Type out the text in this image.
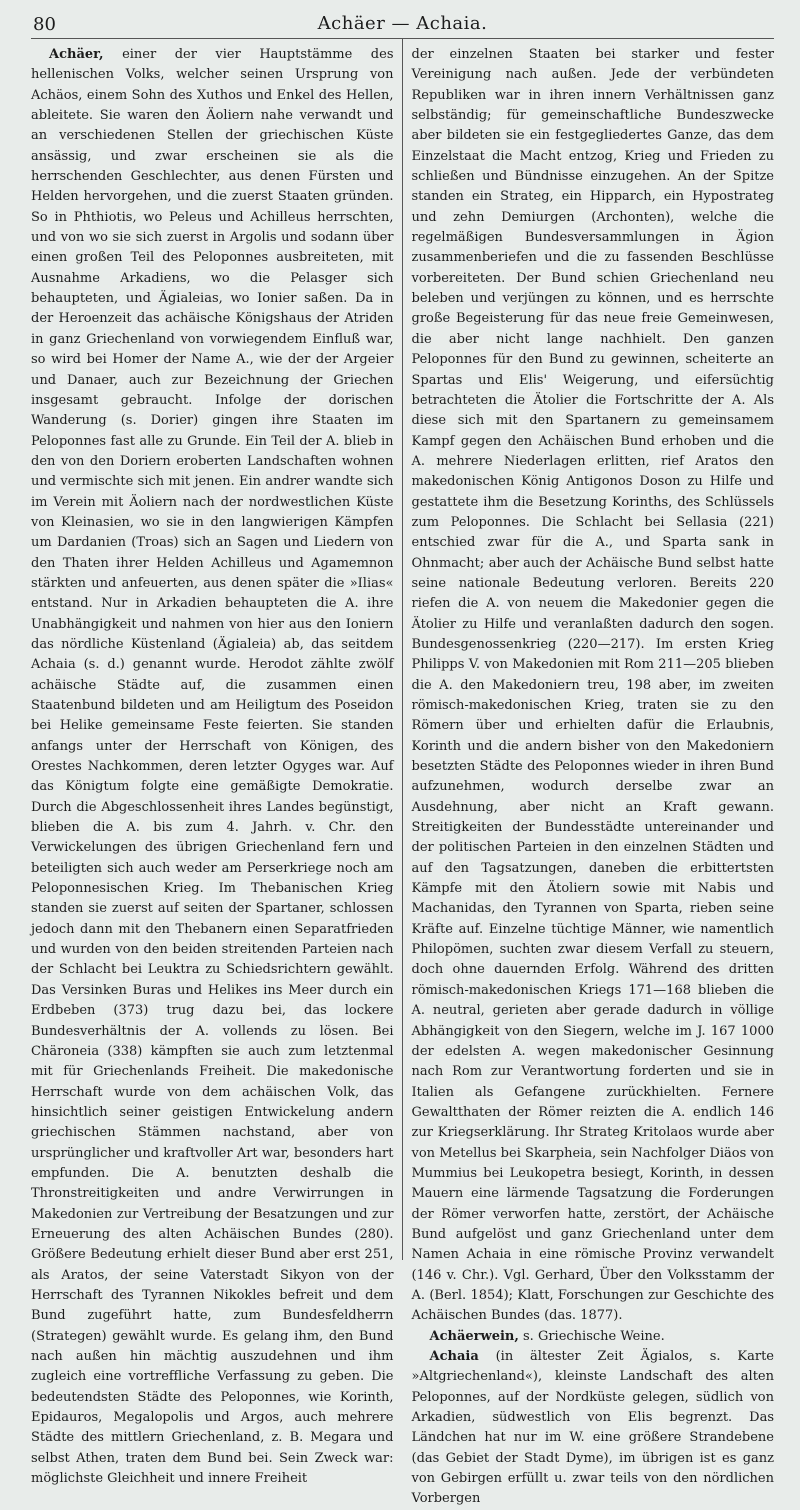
80	Achäer — Achaia.

Achäer, einer der vier Hauptstämme des hellenischen Volks, welcher seinen Ursprung von Achäos, einem Sohn des Xuthos und Enkel des Hellen, ableitete. Sie waren den Äoliern nahe verwandt und an verschiedenen Stellen der griechischen Küste ansässig, und zwar erscheinen sie als die herrschenden Geschlechter, aus denen Fürsten und Helden hervorgehen, und die zuerst Staaten gründen. So in Phthiotis, wo Peleus und Achilleus herrschten, und von wo sie sich zuerst in Argolis und sodann über einen großen Teil des Peloponnes ausbreiteten, mit Ausnahme Arkadiens, wo die Pelasger sich behaupteten, und Ägialeias, wo Ionier saßen. Da in der Heroenzeit das achäische Königshaus der Atriden in ganz Griechenland von vorwiegendem Einfluß war, so wird bei Homer der Name A., wie der der Argeier und Danaer, auch zur Bezeichnung der Griechen insgesamt gebraucht. Infolge der dorischen Wanderung (s. Dorier) gingen ihre Staaten im Peloponnes fast alle zu Grunde. Ein Teil der A. blieb in den von den Doriern eroberten Landschaften wohnen und vermischte sich mit jenen. Ein andrer wandte sich im Verein mit Äoliern nach der nordwestlichen Küste von Kleinasien, wo sie in den langwierigen Kämpfen um Dardanien (Troas) sich an Sagen und Liedern von den Thaten ihrer Helden Achilleus und Agamemnon stärkten und anfeuerten, aus denen später die »Ilias« entstand. Nur in Arkadien behaupteten die A. ihre Unabhängigkeit und nahmen von hier aus den Ioniern das nördliche Küstenland (Ägialeia) ab, das seitdem Achaia (s. d.) genannt wurde. Herodot zählte zwölf achäische Städte auf, die zusammen einen Staatenbund bildeten und am Heiligtum des Poseidon bei Helike gemeinsame Feste feierten. Sie standen anfangs unter der Herrschaft von Königen, des Orestes Nachkommen, deren letzter Ogyges war. Auf das Königtum folgte eine gemäßigte Demokratie. Durch die Abgeschlossenheit ihres Landes begünstigt, blieben die A. bis zum 4. Jahrh. v. Chr. den Verwickelungen des übrigen Griechenland fern und beteiligten sich auch weder am Perserkriege noch am Peloponnesischen Krieg. Im Thebanischen Krieg standen sie zuerst auf seiten der Spartaner, schlossen jedoch dann mit den Thebanern einen Separatfrieden und wurden von den beiden streitenden Parteien nach der Schlacht bei Leuktra zu Schiedsrichtern gewählt. Das Versinken Buras und Helikes ins Meer durch ein Erdbeben (373) trug dazu bei, das lockere Bundesverhältnis der A. vollends zu lösen. Bei Chäroneia (338) kämpften sie auch zum letztenmal mit für Griechenlands Freiheit. Die makedonische Herrschaft wurde von dem achäischen Volk, das hinsichtlich seiner geistigen Entwickelung andern griechischen Stämmen nachstand, aber von ursprünglicher und kraftvoller Art war, besonders hart empfunden. Die A. benutzten deshalb die Thronstreitigkeiten und andre Verwirrungen in Makedonien zur Vertreibung der Besatzungen und zur Erneuerung des alten Achäischen Bundes (280). Größere Bedeutung erhielt dieser Bund aber erst 251, als Aratos, der seine Vaterstadt Sikyon von der Herrschaft des Tyrannen Nikokles befreit und dem Bund zugeführt hatte, zum Bundesfeldherrn (Strategen) gewählt wurde. Es gelang ihm, den Bund nach außen hin mächtig auszudehnen und ihm zugleich eine vortreffliche Verfassung zu geben. Die bedeutendsten Städte des Peloponnes, wie Korinth, Epidauros, Megalopolis und Argos, auch mehrere Städte des mittlern Griechenland, z. B. Megara und selbst Athen, traten dem Bund bei. Sein Zweck war: möglichste Gleichheit und innere Freiheit

der einzelnen Staaten bei starker und fester Vereinigung nach außen. Jede der verbündeten Republiken war in ihren innern Verhältnissen ganz selbständig; für gemeinschaftliche Bundeszwecke aber bildeten sie ein festgegliedertes Ganze, das dem Einzelstaat die Macht entzog, Krieg und Frieden zu schließen und Bündnisse einzugehen. An der Spitze standen ein Strateg, ein Hipparch, ein Hypostrateg und zehn Demiurgen (Archonten), welche die regelmäßigen Bundesversammlungen in Ägion zusammenberiefen und die zu fassenden Beschlüsse vorbereiteten. Der Bund schien Griechenland neu beleben und verjüngen zu können, und es herrschte große Begeisterung für das neue freie Gemeinwesen, die aber nicht lange nachhielt. Den ganzen Peloponnes für den Bund zu gewinnen, scheiterte an Spartas und Elis' Weigerung, und eifersüchtig betrachteten die Ätolier die Fortschritte der A. Als diese sich mit den Spartanern zu gemeinsamem Kampf gegen den Achäischen Bund erhoben und die A. mehrere Niederlagen erlitten, rief Aratos den makedonischen König Antigonos Doson zu Hilfe und gestattete ihm die Besetzung Korinths, des Schlüssels zum Peloponnes. Die Schlacht bei Sellasia (221) entschied zwar für die A., und Sparta sank in Ohnmacht; aber auch der Achäische Bund selbst hatte seine nationale Bedeutung verloren. Bereits 220 riefen die A. von neuem die Makedonier gegen die Ätolier zu Hilfe und veranlaßten dadurch den sogen. Bundesgenossenkrieg (220—217). Im ersten Krieg Philipps V. von Makedonien mit Rom 211—205 blieben die A. den Makedoniern treu, 198 aber, im zweiten römisch-makedonischen Krieg, traten sie zu den Römern über und erhielten dafür die Erlaubnis, Korinth und die andern bisher von den Makedoniern besetzten Städte des Peloponnes wieder in ihren Bund aufzunehmen, wodurch derselbe zwar an Ausdehnung, aber nicht an Kraft gewann. Streitigkeiten der Bundesstädte untereinander und der politischen Parteien in den einzelnen Städten und auf den Tagsatzungen, daneben die erbittertsten Kämpfe mit den Ätoliern sowie mit Nabis und Machanidas, den Tyrannen von Sparta, rieben seine Kräfte auf. Einzelne tüchtige Männer, wie namentlich Philopömen, suchten zwar diesem Verfall zu steuern, doch ohne dauernden Erfolg. Während des dritten römisch-makedonischen Kriegs 171—168 blieben die A. neutral, gerieten aber gerade dadurch in völlige Abhängigkeit von den Siegern, welche im J. 167 1000 der edelsten A. wegen makedonischer Gesinnung nach Rom zur Verantwortung forderten und sie in Italien als Gefangene zurückhielten. Fernere Gewaltthaten der Römer reizten die A. endlich 146 zur Kriegserklärung. Ihr Strateg Kritolaos wurde aber von Metellus bei Skarpheia, sein Nachfolger Diäos von Mummius bei Leukopetra besiegt, Korinth, in dessen Mauern eine lärmende Tagsatzung die Forderungen der Römer verworfen hatte, zerstört, der Achäische Bund aufgelöst und ganz Griechenland unter dem Namen Achaia in eine römische Provinz verwandelt (146 v. Chr.). Vgl. Gerhard, Über den Volksstamm der A. (Berl. 1854); Klatt, Forschungen zur Geschichte des Achäischen Bundes (das. 1877).

Achäerwein, s. Griechische Weine.

Achaia (in ältester Zeit Ägialos, s. Karte »Altgriechenland«), kleinste Landschaft des alten Peloponnes, auf der Nordküste gelegen, südlich von Arkadien, südwestlich von Elis begrenzt. Das Ländchen hat nur im W. eine größere Strandebene (das Gebiet der Stadt Dyme), im übrigen ist es ganz von Gebirgen erfüllt u. zwar teils von den nördlichen Vorbergen
